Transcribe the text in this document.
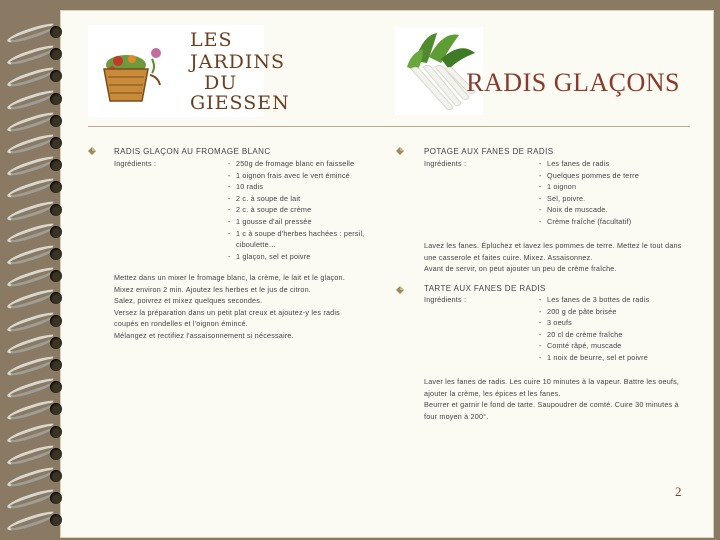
LES
JARDINS
DU
GIESSEN
RADIS GLAÇONS
RADIS GLAÇON AU FROMAGE BLANC
Ingrédients :	- 250g de fromage blanc en faisselle
- 1 oignon frais avec le vert émincé
- 10 radis
- 2 c. à soupe de lait
- 2 c. à soupe de crème
- 1 gousse d'ail pressée
- 1 c à soupe d'herbes hachées : persil, ciboulette…
- 1 glaçon, sel et poivre
Mettez dans un mixer le fromage blanc, la crème, le lait et le glaçon.
Mixez environ 2 min. Ajoutez les herbes et le jus de citron.
Salez, poivrez et mixez quelques secondes.
Versez la préparation dans un petit plat creux et ajoutez-y les radis coupés en rondelles et l'oignon émincé.
Mélangez et rectifiez l'assaisonnement si nécessaire.
POTAGE AUX FANES DE RADIS
Ingrédients :	- Les fanes de radis
- Quelques pommes de terre
- 1 oignon
- Sel, poivre.
- Noix de muscade.
- Crème fraîche (facultatif)
Lavez les fanes. Épluchez et lavez les pommes de terre. Mettez le tout dans une casserole et faites cuire. Mixez. Assaisonnez.
Avant de servir, on peut ajouter un peu de crème fraîche.
TARTE AUX FANES DE RADIS
Ingrédients :	- Les fanes de 3 bottes de radis
- 200 g de pâte brisée
- 3 oeufs
- 20 cl de crème fraîche
- Comté râpé, muscade
- 1 noix de beurre, sel et poivre
Laver les fanes de radis. Les cuire 10 minutes à la vapeur. Battre les oeufs, ajouter la crème, les épices et les fanes.
Beurrer et garnir le fond de tarte. Saupoudrer de comté. Cuire 30 minutes à four moyen à 200°.
2
